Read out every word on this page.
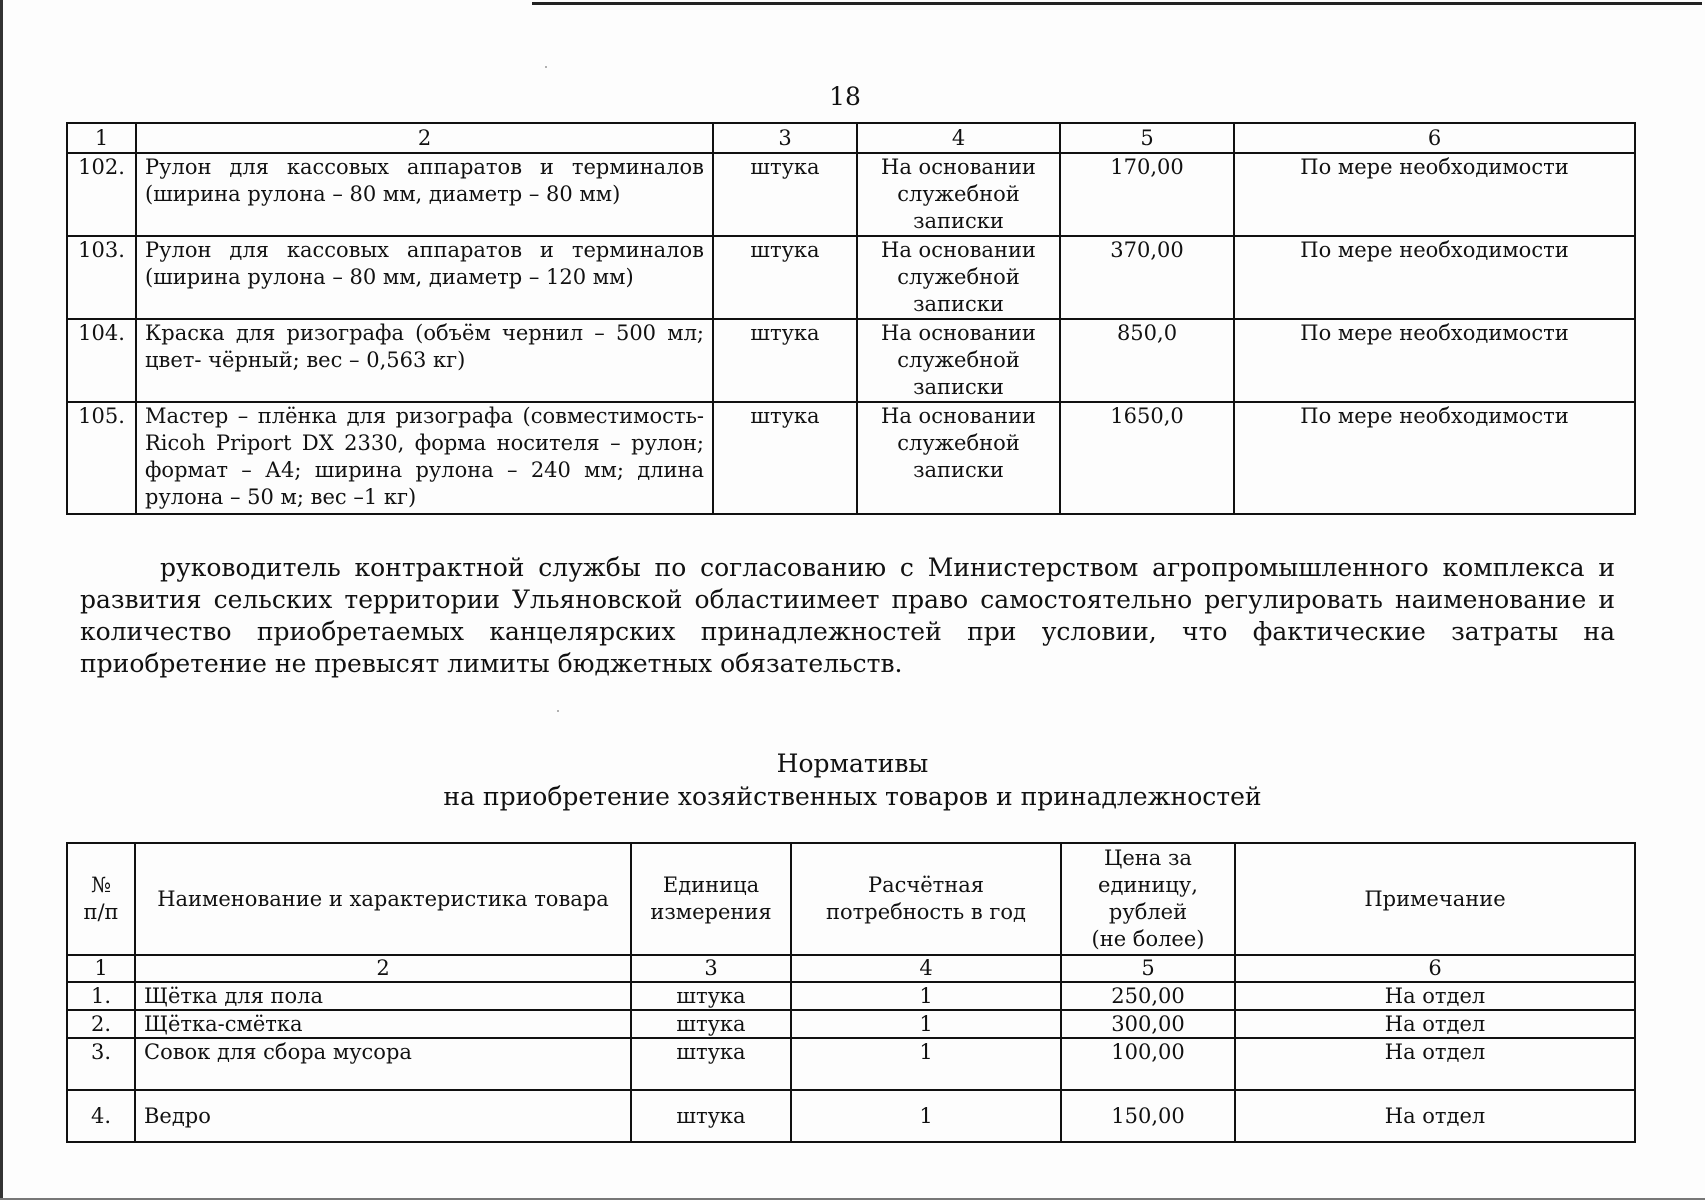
18
1	2	3	4	5	6
102.	Рулон для кассовых аппаратов и терминалов (ширина рулона – 80 мм, диаметр – 80 мм)	штука	На основании служебной записки	170,00	По мере необходимости
103.	Рулон для кассовых аппаратов и терминалов (ширина рулона – 80 мм, диаметр – 120 мм)	штука	На основании служебной записки	370,00	По мере необходимости
104.	Краска для ризографа (объём чернил – 500 мл; цвет- чёрный; вес – 0,563 кг)	штука	На основании служебной записки	850,0	По мере необходимости
105.	Мастер – плёнка для ризографа (совместимость- Ricoh Priport DX 2330, форма носителя – рулон; формат – А4; ширина рулона – 240 мм; длина рулона – 50 м; вес –1 кг)	штука	На основании служебной записки	1650,0	По мере необходимости

руководитель контрактной службы по согласованию с Министерством агропромышленного комплекса и развития сельских территории Ульяновской областиимеет право самостоятельно регулировать наименование и количество приобретаемых канцелярских принадлежностей при условии, что фактические затраты на приобретение не превысят лимиты бюджетных обязательств.

Нормативы
на приобретение хозяйственных товаров и принадлежностей
№ п/п	Наименование и характеристика товара	Единица измерения	Расчётная потребность в год	Цена за единицу, рублей (не более)	Примечание
1	2	3	4	5	6
1.	Щётка для пола	штука	1	250,00	На отдел
2.	Щётка-смётка	штука	1	300,00	На отдел
3.	Совок для сбора мусора	штука	1	100,00	На отдел
4.	Ведро	штука	1	150,00	На отдел
